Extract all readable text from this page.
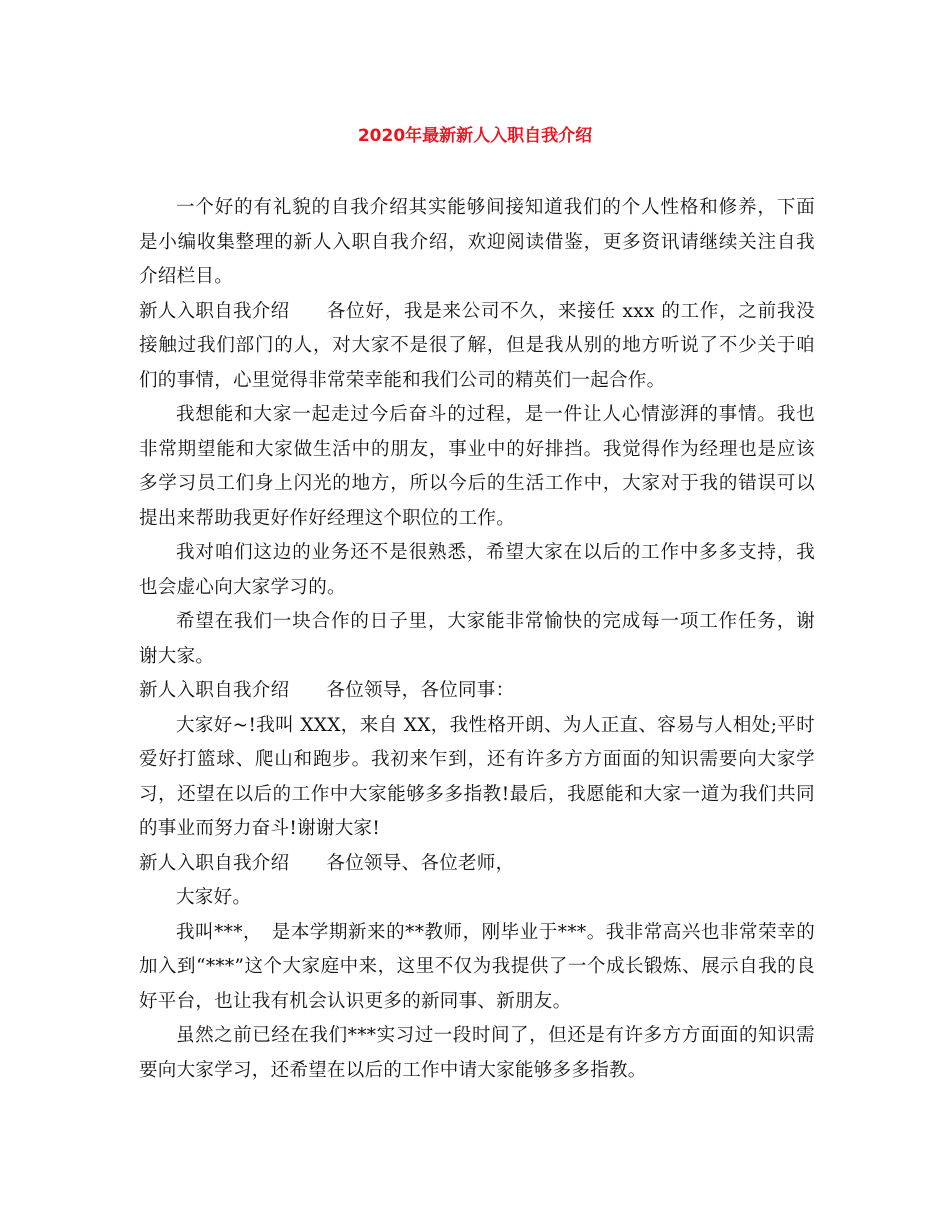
2020年最新新人入职自我介绍

一个好的有礼貌的自我介绍其实能够间接知道我们的个人性格和修养，下面是小编收集整理的新人入职自我介绍，欢迎阅读借鉴，更多资讯请继续关注自我介绍栏目。

新人入职自我介绍 各位好，我是来公司不久，来接任 xxx 的工作，之前我没接触过我们部门的人，对大家不是很了解，但是我从别的地方听说了不少关于咱们的事情，心里觉得非常荣幸能和我们公司的精英们一起合作。

我想能和大家一起走过今后奋斗的过程，是一件让人心情澎湃的事情。我也非常期望能和大家做生活中的朋友，事业中的好排挡。我觉得作为经理也是应该多学习员工们身上闪光的地方，所以今后的生活工作中，大家对于我的错误可以提出来帮助我更好作好经理这个职位的工作。

我对咱们这边的业务还不是很熟悉，希望大家在以后的工作中多多支持，我也会虚心向大家学习的。

希望在我们一块合作的日子里，大家能非常愉快的完成每一项工作任务，谢谢大家。

新人入职自我介绍 各位领导，各位同事：

大家好~!我叫 XXX，来自 XX，我性格开朗、为人正直、容易与人相处;平时爱好打篮球、爬山和跑步。我初来乍到，还有许多方方面面的知识需要向大家学习，还望在以后的工作中大家能够多多指教!最后，我愿能和大家一道为我们共同的事业而努力奋斗!谢谢大家!

新人入职自我介绍 各位领导、各位老师，

大家好。

我叫***，　是本学期新来的**教师，刚毕业于***。我非常高兴也非常荣幸的加入到“***”这个大家庭中来，这里不仅为我提供了一个成长锻炼、展示自我的良好平台，也让我有机会认识更多的新同事、新朋友。

虽然之前已经在我们***实习过一段时间了，但还是有许多方方面面的知识需要向大家学习，还希望在以后的工作中请大家能够多多指教。
